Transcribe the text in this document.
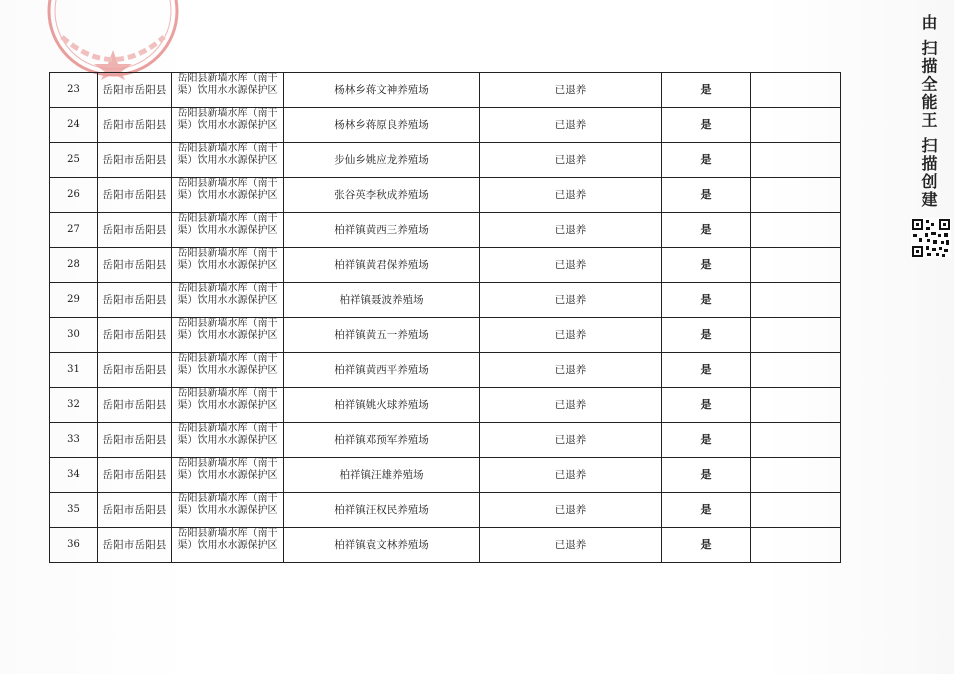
23	岳阳市岳阳县	岳阳县新墙水库（南干渠）饮用水水源保护区	杨林乡蒋文神养殖场	已退养	是	
24	岳阳市岳阳县	岳阳县新墙水库（南干渠）饮用水水源保护区	杨林乡蒋原良养殖场	已退养	是	
25	岳阳市岳阳县	岳阳县新墙水库（南干渠）饮用水水源保护区	步仙乡姚应龙养殖场	已退养	是	
26	岳阳市岳阳县	岳阳县新墙水库（南干渠）饮用水水源保护区	张谷英李秋成养殖场	已退养	是	
27	岳阳市岳阳县	岳阳县新墙水库（南干渠）饮用水水源保护区	柏祥镇黄西三养殖场	已退养	是	
28	岳阳市岳阳县	岳阳县新墙水库（南干渠）饮用水水源保护区	柏祥镇黄君保养殖场	已退养	是	
29	岳阳市岳阳县	岳阳县新墙水库（南干渠）饮用水水源保护区	柏祥镇聂波养殖场	已退养	是	
30	岳阳市岳阳县	岳阳县新墙水库（南干渠）饮用水水源保护区	柏祥镇黄五一养殖场	已退养	是	
31	岳阳市岳阳县	岳阳县新墙水库（南干渠）饮用水水源保护区	柏祥镇黄西平养殖场	已退养	是	
32	岳阳市岳阳县	岳阳县新墙水库（南干渠）饮用水水源保护区	柏祥镇姚火球养殖场	已退养	是	
33	岳阳市岳阳县	岳阳县新墙水库（南干渠）饮用水水源保护区	柏祥镇邓预军养殖场	已退养	是	
34	岳阳市岳阳县	岳阳县新墙水库（南干渠）饮用水水源保护区	柏祥镇汪雄养殖场	已退养	是	
35	岳阳市岳阳县	岳阳县新墙水库（南干渠）饮用水水源保护区	柏祥镇汪权民养殖场	已退养	是	
36	岳阳市岳阳县	岳阳县新墙水库（南干渠）饮用水水源保护区	柏祥镇袁文林养殖场	已退养	是	
由 扫描全能王 扫描创建
